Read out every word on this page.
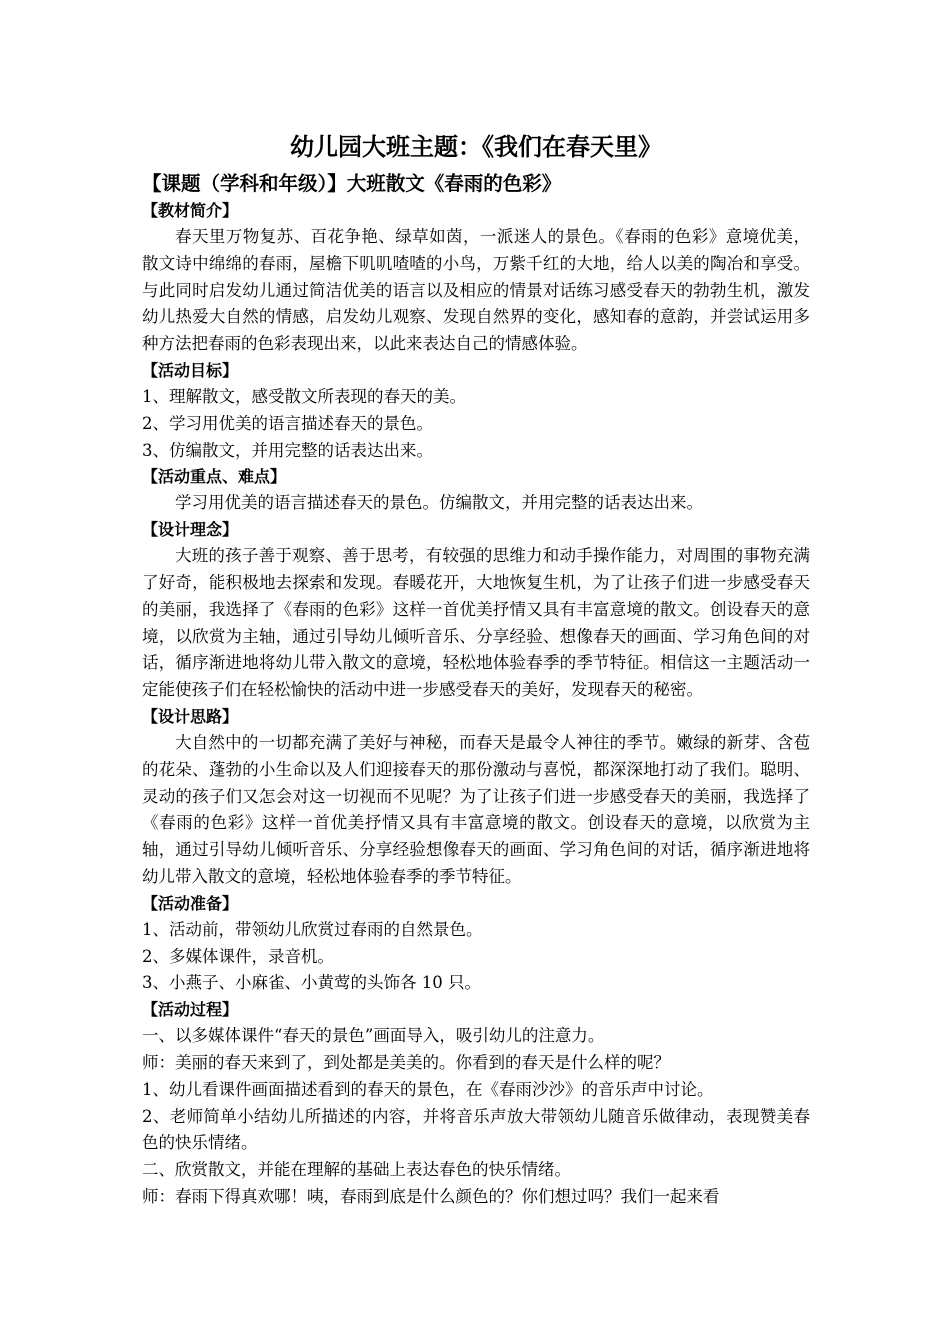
幼儿园大班主题：《我们在春天里》
【课题（学科和年级）】大班散文《春雨的色彩》
【教材简介】

春天里万物复苏、百花争艳、绿草如茵，一派迷人的景色。《春雨的色彩》意境优美，散文诗中绵绵的春雨，屋檐下叽叽喳喳的小鸟，万紫千红的大地，给人以美的陶冶和享受。与此同时启发幼儿通过简洁优美的语言以及相应的情景对话练习感受春天的勃勃生机，激发幼儿热爱大自然的情感，启发幼儿观察、发现自然界的变化，感知春的意韵，并尝试运用多种方法把春雨的色彩表现出来，以此来表达自己的情感体验。

【活动目标】

1、理解散文，感受散文所表现的春天的美。

2、学习用优美的语言描述春天的景色。

3、仿编散文，并用完整的话表达出来。

【活动重点、难点】

学习用优美的语言描述春天的景色。仿编散文，并用完整的话表达出来。

【设计理念】

大班的孩子善于观察、善于思考，有较强的思维力和动手操作能力，对周围的事物充满了好奇，能积极地去探索和发现。春暖花开，大地恢复生机，为了让孩子们进一步感受春天的美丽，我选择了《春雨的色彩》这样一首优美抒情又具有丰富意境的散文。创设春天的意境，以欣赏为主轴，通过引导幼儿倾听音乐、分享经验、想像春天的画面、学习角色间的对话，循序渐进地将幼儿带入散文的意境，轻松地体验春季的季节特征。相信这一主题活动一定能使孩子们在轻松愉快的活动中进一步感受春天的美好，发现春天的秘密。

【设计思路】

大自然中的一切都充满了美好与神秘，而春天是最令人神往的季节。嫩绿的新芽、含苞的花朵、蓬勃的小生命以及人们迎接春天的那份激动与喜悦，都深深地打动了我们。聪明、灵动的孩子们又怎会对这一切视而不见呢？为了让孩子们进一步感受春天的美丽，我选择了《春雨的色彩》这样一首优美抒情又具有丰富意境的散文。创设春天的意境，以欣赏为主轴，通过引导幼儿倾听音乐、分享经验想像春天的画面、学习角色间的对话，循序渐进地将幼儿带入散文的意境，轻松地体验春季的季节特征。

【活动准备】

1、活动前，带领幼儿欣赏过春雨的自然景色。

2、多媒体课件，录音机。

3、小燕子、小麻雀、小黄莺的头饰各 10 只。

【活动过程】

一、以多媒体课件“春天的景色”画面导入，吸引幼儿的注意力。

师：美丽的春天来到了，到处都是美美的。你看到的春天是什么样的呢？

1、幼儿看课件画面描述看到的春天的景色，在《春雨沙沙》的音乐声中讨论。

2、老师简单小结幼儿所描述的内容，并将音乐声放大带领幼儿随音乐做律动，表现赞美春色的快乐情绪。

二、欣赏散文，并能在理解的基础上表达春色的快乐情绪。

师：春雨下得真欢哪！咦，春雨到底是什么颜色的？你们想过吗？我们一起来看
